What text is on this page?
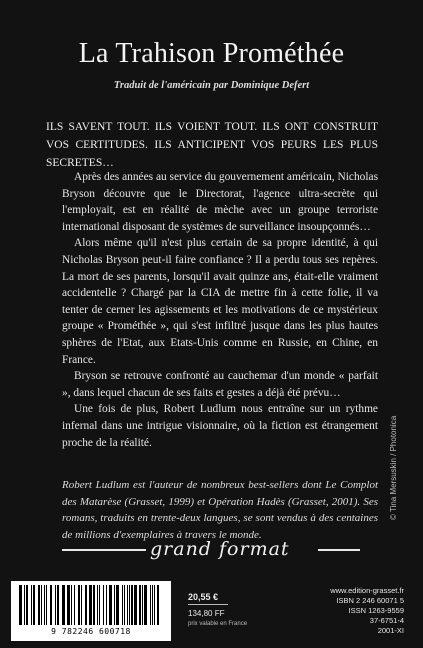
La Trahison Prométhée
Traduit de l'américain par Dominique Defert
ILS SAVENT TOUT. ILS VOIENT TOUT. ILS ONT CONSTRUIT VOS CERTITUDES. ILS ANTICIPENT VOS PEURS LES PLUS SECRETES…

Après des années au service du gouvernement américain, Nicholas Bryson découvre que le Directorat, l'agence ultra-secrète qui l'employait, est en réalité de mèche avec un groupe terroriste international disposant de systèmes de surveillance insoupçonnés…

Alors même qu'il n'est plus certain de sa propre identité, à qui Nicholas Bryson peut-il faire confiance ? Il a perdu tous ses repères. La mort de ses parents, lorsqu'il avait quinze ans, était-elle vraiment accidentelle ? Chargé par la CIA de mettre fin à cette folie, il va tenter de cerner les agissements et les motivations de ce mystérieux groupe « Prométhée », qui s'est infiltré jusque dans les plus hautes sphères de l'Etat, aux Etats-Unis comme en Russie, en Chine, en France.

Bryson se retrouve confronté au cauchemar d'un monde « parfait », dans lequel chacun de ses faits et gestes a déjà été prévu…

Une fois de plus, Robert Ludlum nous entraîne sur un rythme infernal dans une intrigue visionnaire, où la fiction est étrangement proche de la réalité.

Robert Ludlum est l'auteur de nombreux best-sellers dont Le Complot des Matarèse (Grasset, 1999) et Opération Hadès (Grasset, 2001). Ses romans, traduits en trente-deux langues, se sont vendus à des centaines de millions d'exemplaires à travers le monde.
© Tina Mersuskin / Photonica
grand format
9 782246 600718
20,55 €
134,80 FF
prix valable en France
www.edition-grasset.fr
ISBN 2 246 60071 5
ISSN 1263-9559
37-6751-4
2001-XI
